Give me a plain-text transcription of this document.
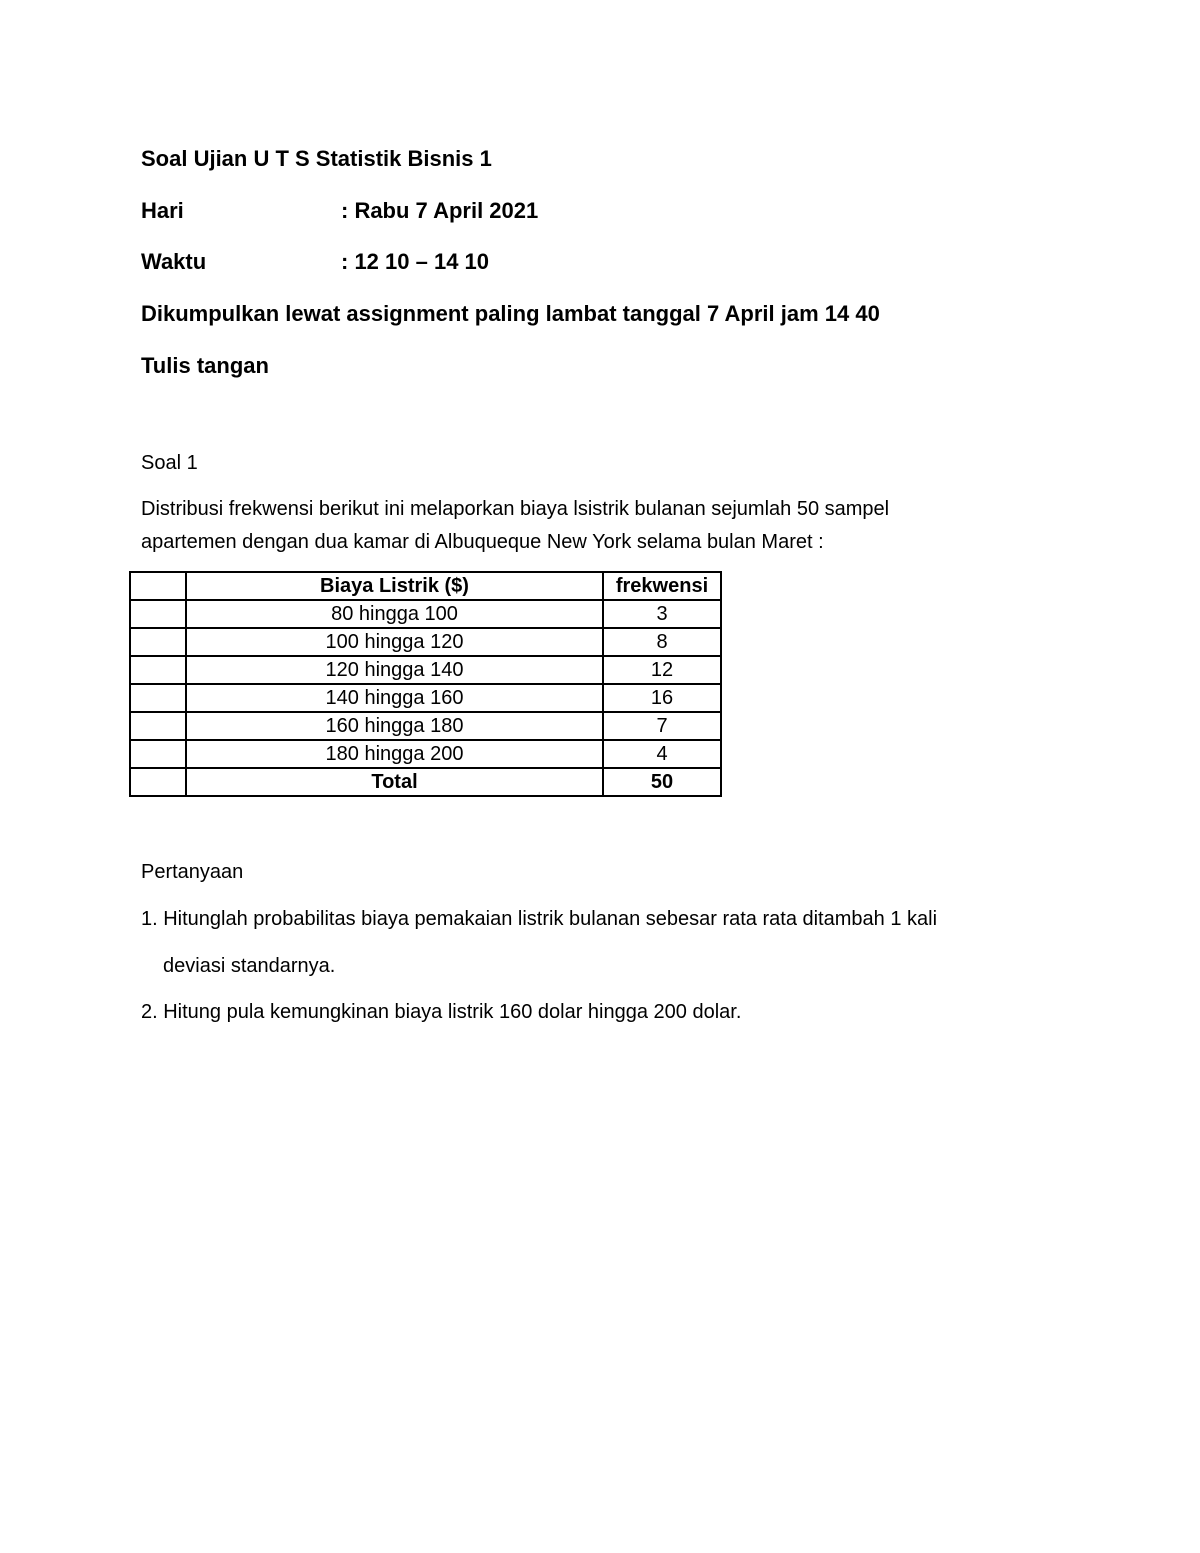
Soal Ujian U T S Statistik Bisnis 1
Hari	: Rabu 7 April 2021
Waktu	: 12 10 – 14 10
Dikumpulkan lewat assignment paling lambat tanggal 7 April jam 14 40
Tulis tangan
Soal 1
Distribusi frekwensi berikut ini melaporkan biaya lsistrik bulanan sejumlah 50 sampel
apartemen dengan dua kamar di Albuqueque New York selama bulan Maret :
	Biaya Listrik ($)	frekwensi
	80 hingga 100	3
	100 hingga 120	8
	120 hingga 140	12
	140 hingga 160	16
	160 hingga 180	7
	180 hingga 200	4
	Total	50
Pertanyaan
1. Hitunglah probabilitas biaya pemakaian listrik bulanan sebesar rata rata ditambah 1 kali
deviasi standarnya.
2. Hitung pula kemungkinan biaya listrik 160 dolar hingga 200 dolar.
